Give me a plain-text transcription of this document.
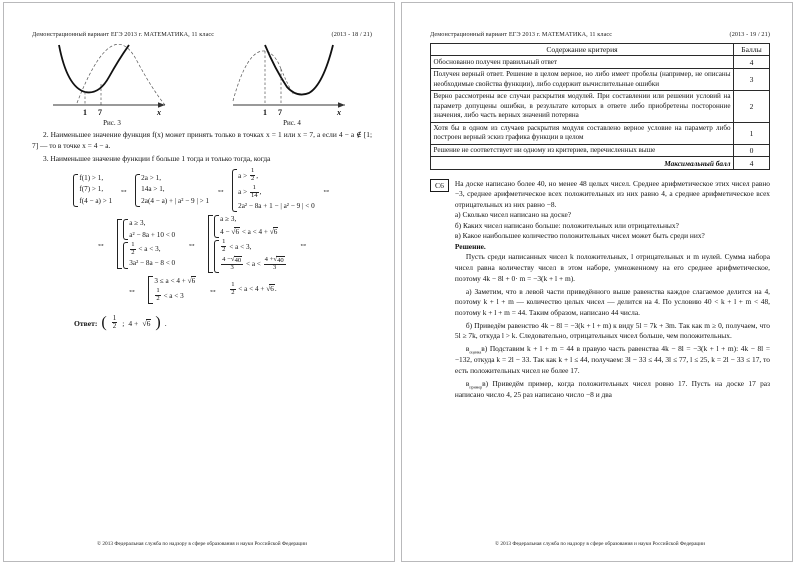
Демонстрационный вариант ЕГЭ 2013 г. МАТЕМАТИКА, 11 класс	(2013 - 18 / 21)
1 7	x
Рис. 3
1 7	x
Рис. 4

2. Наименьшее значение функция f(x) может принять только в точках x = 1 или x = 7, а если 4 − a ∉ [1; 7] — то в точке x = 4 − a.

3. Наименьшее значение функции f больше 1 тогда и только тогда, когда

f(1) > 1,
f(7) > 1,
f(4 − a) > 1
⇔
2a > 1,
14a > 1,
2a(4 − a) + | a² − 9 | > 1
⇔
$a > \frac{1}{2}$ ,
$a > \frac{1}{14}$ ,
2a² − 8a + 1 − | a² − 9 | < 0
⇔
⇔
a ≥ 3,
a² − 8a + 10 < 0
$\frac{1}{2} < a < 3$,
3a² − 8a − 8 < 0
⇔
a ≥ 3,
4 − √ 6 < a < 4 + √ 6
$\frac{1}{2} < a < 3$,
$\frac{4 - √ 40}{3} < a < \frac{4 + √ 40}{3}$
⇔
⇔
3 ≤ a < 4 + √ 6
$\frac{1}{2} < a < 3$
⇔ $\frac{1}{2} < a < 4$ + √ 6 .
Ответ: ( $\frac{1}{2}$ ; 4 + √ 6 ) .
© 2013 Федеральная служба по надзору в сфере образования и науки Российской Федерации
Демонстрационный вариант ЕГЭ 2013 г. МАТЕМАТИКА, 11 класс	(2013 - 19 / 21)
Содержание критерия	Баллы
Обоснованно получен правильный ответ	4
Получен верный ответ. Решение в целом верное, но либо имеет пробелы (например, не описаны необходимые свойства функции), либо содержит вычислительные ошибки	3
Верно рассмотрены все случаи раскрытия модулей. При составлении или решении условий на параметр допущены ошибки, в результате которых в ответе либо приобретены посторонние значения, либо часть верных значений потеряна	2
Хотя бы в одном из случаев раскрытия модуля составлено верное условие на параметр либо построен верный эскиз графика функции в целом	1
Решение не соответствует ни одному из критериев, перечисленных выше	0
Максимальный балл	4
С6	На доске написано более 40, но менее 48 целых чисел. Среднее арифметическое этих чисел равно −3, среднее арифметическое всех положительных из них равно 4, а среднее арифметическое всех отрицательных из них равно −8.

а) Сколько чисел написано на доске?

б) Каких чисел написано больше: положительных или отрицательных?

в) Какое наибольшее количество положительных чисел может быть среди них?

Решение.

Пусть среди написанных чисел k положительных, l отрицательных и m нулей. Сумма набора чисел равна количеству чисел в этом наборе, умноженному на его среднее арифметическое, поэтому 4k − 8l + 0· m = −3(k + l + m).

а) Заметим, что в левой части приведённого выше равенства каждое слагаемое делится на 4, поэтому k + l + m — количество целых чисел — делится на 4. По условию 40 < k + l + m < 48, поэтому k + l + m = 44. Таким образом, написано 44 числа.

б) Приведём равенство 4k − 8l = −3(k + l + m) к виду 5l = 7k + 3m. Так как m ≥ 0, получаем, что 5l ≥ 7k, откуда l > k. Следовательно, отрицательных чисел больше, чем положительных.

$в_{оценка}в$) Подставим k + l + m = 44 в правую часть равенства 4k − 8l = −3(k + l + m): 4k − 8l = −132, откуда k = 2l − 33. Так как k + l ≤ 44, получаем: 3l − 33 ≤ 44, 3l ≤ 77, l ≤ 25, k = 2l − 33 ≤ 17, то есть положительных чисел не более 17.

$в_{пример}в$) Приведём пример, когда положительных чисел ровно 17. Пусть на доске 17 раз написано число 4, 25 раз написано число −8 и два

© 2013 Федеральная служба по надзору в сфере образования и науки Российской Федерации
